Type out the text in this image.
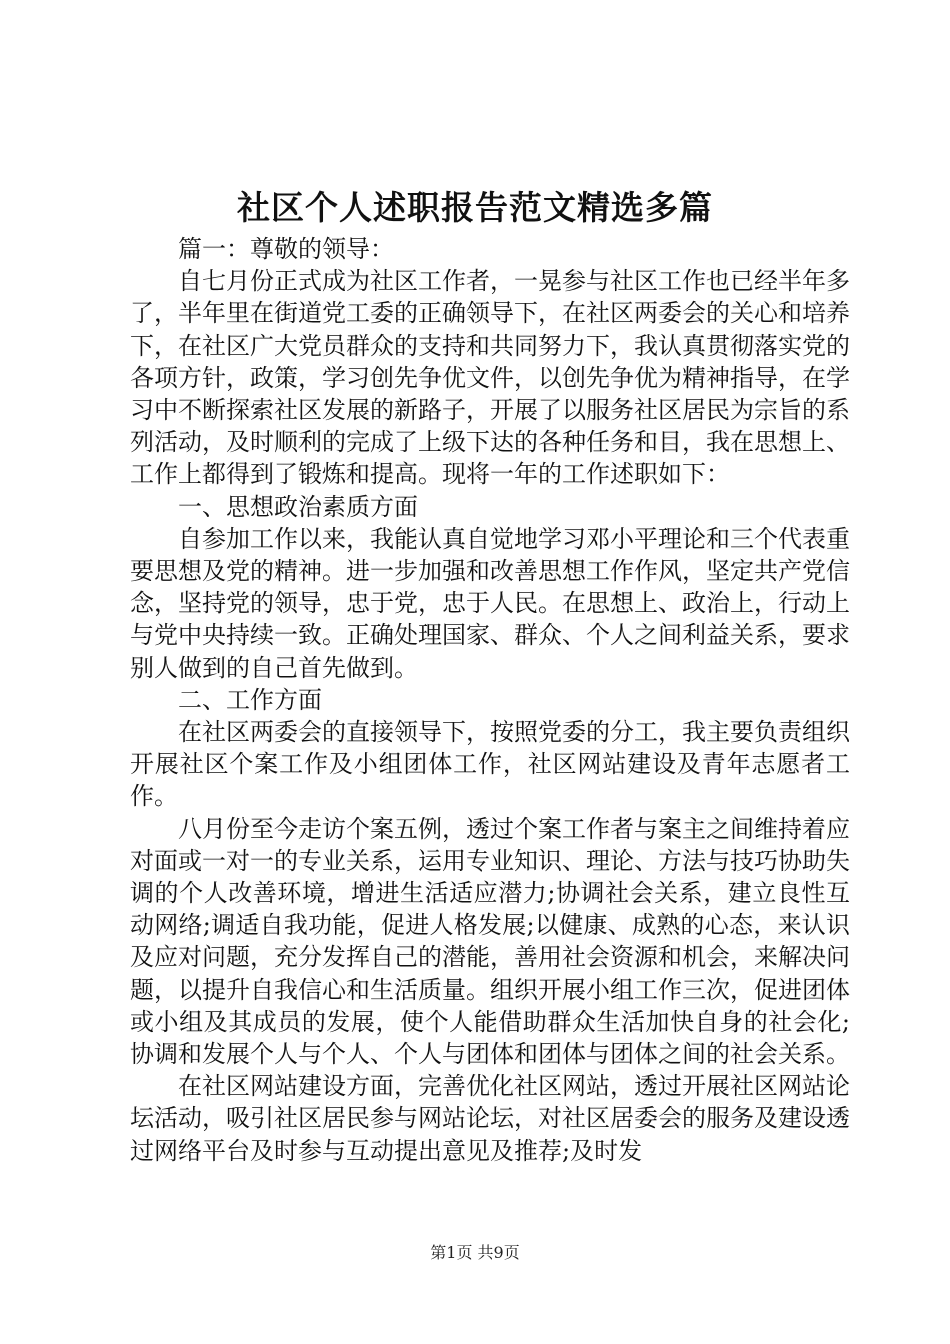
社区个人述职报告范文精选多篇

篇一：尊敬的领导：

自七月份正式成为社区工作者，一晃参与社区工作也已经半年多了，半年里在街道党工委的正确领导下，在社区两委会的关心和培养下，在社区广大党员群众的支持和共同努力下，我认真贯彻落实党的各项方针，政策，学习创先争优文件，以创先争优为精神指导，在学习中不断探索社区发展的新路子，开展了以服务社区居民为宗旨的系列活动，及时顺利的完成了上级下达的各种任务和目，我在思想上、工作上都得到了锻炼和提高。现将一年的工作述职如下：

一、思想政治素质方面

自参加工作以来，我能认真自觉地学习邓小平理论和三个代表重要思想及党的精神。进一步加强和改善思想工作作风，坚定共产党信念，坚持党的领导，忠于党，忠于人民。在思想上、政治上，行动上与党中央持续一致。正确处理国家、群众、个人之间利益关系，要求别人做到的自己首先做到。

二、工作方面

在社区两委会的直接领导下，按照党委的分工，我主要负责组织开展社区个案工作及小组团体工作，社区网站建设及青年志愿者工作。

八月份至今走访个案五例，透过个案工作者与案主之间维持着应对面或一对一的专业关系，运用专业知识、理论、方法与技巧协助失调的个人改善环境，增进生活适应潜力;协调社会关系，建立良性互动网络;调适自我功能，促进人格发展;以健康、成熟的心态，来认识及应对问题，充分发挥自己的潜能，善用社会资源和机会，来解决问题，以提升自我信心和生活质量。组织开展小组工作三次，促进团体或小组及其成员的发展，使个人能借助群众生活加快自身的社会化;协调和发展个人与个人、个人与团体和团体与团体之间的社会关系。

在社区网站建设方面，完善优化社区网站，透过开展社区网站论坛活动，吸引社区居民参与网站论坛，对社区居委会的服务及建设透过网络平台及时参与互动提出意见及推荐;及时发

第1页 共9页
